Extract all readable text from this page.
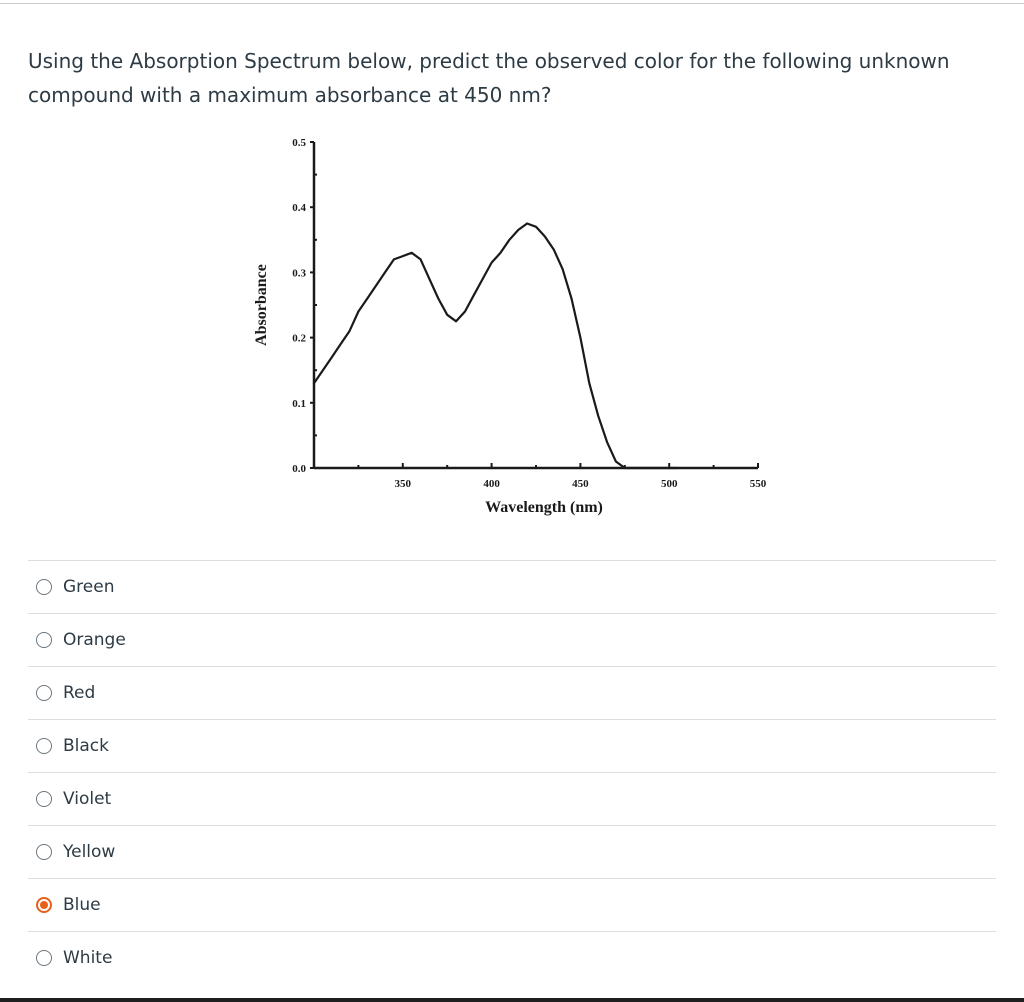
Using the Absorption Spectrum below, predict the observed color for the following unknown compound with a maximum absorbance at 450 nm?

0.0
0.1
0.2
0.3
0.4
0.5
350	400	450	500	550
Wavelength (nm)
Absorbance
Green
Orange
Red
Black
Violet
Yellow
Blue
White
